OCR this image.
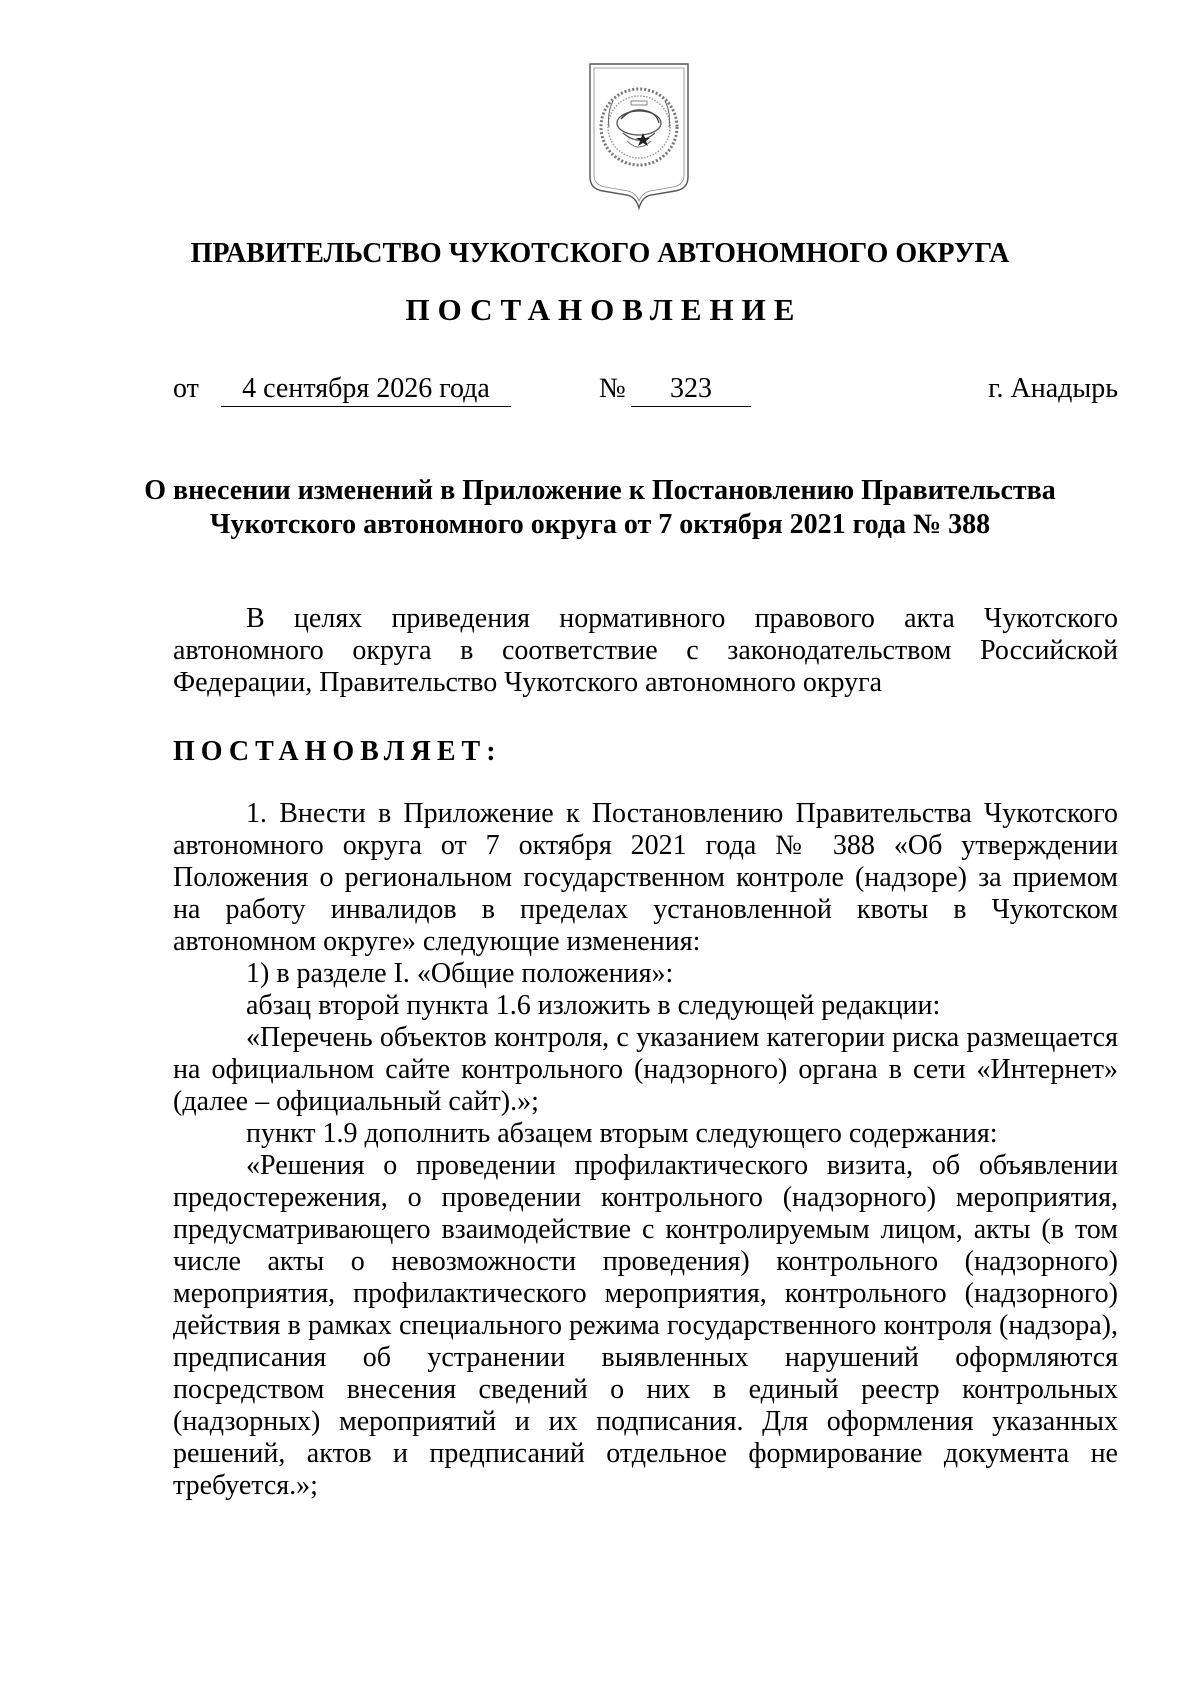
ПРАВИТЕЛЬСТВО ЧУКОТСКОГО АВТОНОМНОГО ОКРУГА
ПОСТАНОВЛЕНИЕ
от	4 сентября 2026 года	№	323	г. Анадырь
О внесении изменений в Приложение к Постановлению Правительства
Чукотского автономного округа от 7 октября 2021 года № 388

В целях приведения нормативного правового акта Чукотского автономного округа в соответствие с законодательством Российской Федерации, Правительство Чукотского автономного округа

ПОСТАНОВЛЯЕТ:

1. Внести в Приложение к Постановлению Правительства Чукотского автономного округа от 7 октября 2021 года № 388 «Об утверждении Положения о региональном государственном контроле (надзоре) за приемом на работу инвалидов в пределах установленной квоты в Чукотском автономном округе» следующие изменения:

1) в разделе I. «Общие положения»:

абзац второй пункта 1.6 изложить в следующей редакции:

«Перечень объектов контроля, с указанием категории риска размещается на официальном сайте контрольного (надзорного) органа в сети «Интернет» (далее – официальный сайт).»;

пункт 1.9 дополнить абзацем вторым следующего содержания:

«Решения о проведении профилактического визита, об объявлении предостережения, о проведении контрольного (надзорного) мероприятия, предусматривающего взаимодействие с контролируемым лицом, акты (в том числе акты о невозможности проведения) контрольного (надзорного) мероприятия, профилактического мероприятия, контрольного (надзорного) действия в рамках специального режима государственного контроля (надзора), предписания об устранении выявленных нарушений оформляются посредством внесения сведений о них в единый реестр контрольных (надзорных) мероприятий и их подписания. Для оформления указанных решений, актов и предписаний отдельное формирование документа не требуется.»;
